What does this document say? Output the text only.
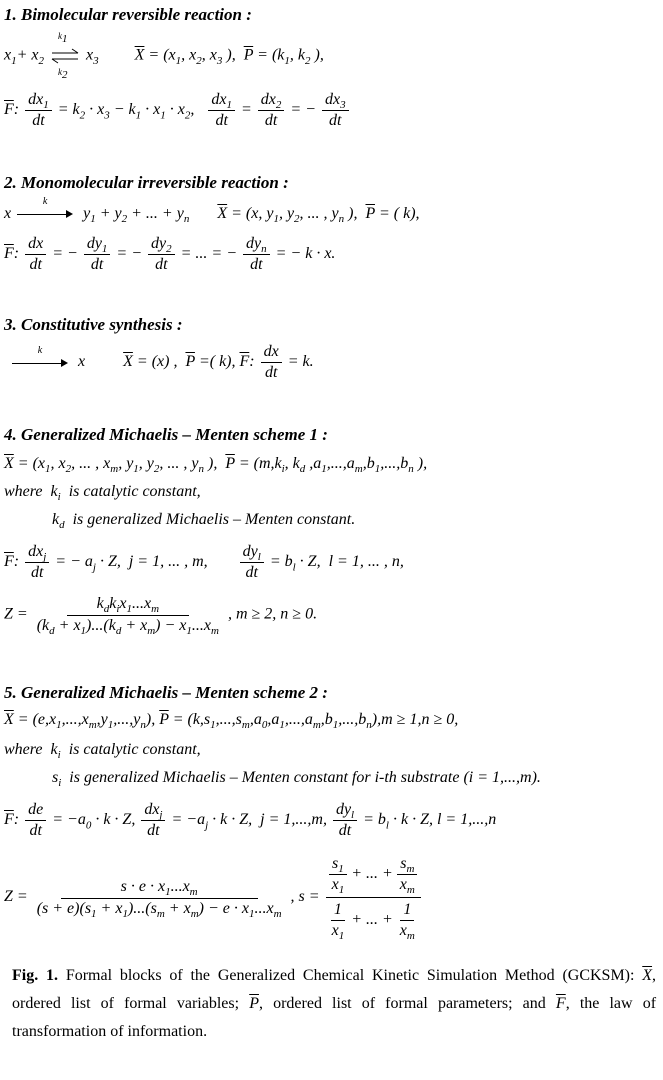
1. Bimolecular reversible reaction :
$x_1+ x_2$
$k_1$
$k_2$
$x_3$ $\overline{X} = (x_1$, $x_2$, $x_3$ ),  $\overline{P} = (k_1$, $k_2$ ),
$\overline{F}$: $\frac{dx_1}{dt} = k_2 \cdot x_3 - k_1 \cdot x_1 \cdot x_2$, $\frac{dx_1}{dt} = \frac{dx_2}{dt}$ = − $\frac{dx_3}{dt}$
2. Monomolecular irreversible reaction :
x
k
$y_1 + y_2$ + ... + $y_n$ $\overline{X} = (x$, $y_1$, $y_2$, ... , $y_n$ ),  $\overline{P}$ = ( k),
$\overline{F}$: $\frac{dx}{dt}$ = − $\frac{dy_1}{dt}$ = − $\frac{dy_2}{dt}$ = ... = − $\frac{dy_n}{dt}$ = − k · x.
3. Constitutive synthesis :
k
x  $\overline{X} = (x)$ ,  $\overline{P}$ =( k), $\overline{F}$: $\frac{dx}{dt} = k$.
4. Generalized Michaelis – Menten scheme 1 :
$\overline{X} = (x_1$, $x_2$, ... , $x_m$, $y_1$, $y_2$, ... , $y_n$ ),  $\overline{P} = (m,k_i$, $k_d$ $,a_1,...,a_m,b_1,...,b_n$ ),
where  $k_i$ is catalytic constant,
$k_d$ is generalized Michaelis – Menten constant.
$\overline{F}$: $\frac{dx_j}{dt}$ = − $a_j \cdot Z$,  j = 1, ... , m, $\frac{dy_l}{dt} = b_l \cdot Z$,  l = 1, ... , n,
$Z = \frac{k_dk_ix_1...x_m}{(k_d + x_1)...(k_d + x_m) - x_1...x_m}$ , m ≥ 2, n ≥ 0.
5. Generalized Michaelis – Menten scheme 2 :
$\overline{X} = (e,x_1,...,x_m,y_1,...,y_n)$, $\overline{P} = (k,s_1,...,s_m,a_0,a_1,...,a_m,b_1,...,b_n),m \ge 1,n \ge 0$,
where  $k_i$ is catalytic constant,
$s_i$ is generalized Michaelis – Menten constant for i-th substrate (i = 1,...,m).
$\overline{F}$: $\frac{de}{dt} = -a_0 \cdot k \cdot Z$, $\frac{dx_j}{dt} = -a_j \cdot k \cdot Z$,  j = 1,...,m, $\frac{dy_l}{dt} = b_l \cdot k \cdot Z$, l = 1,...,n
$Z = \frac{s \cdot e \cdot x_1...x_m}{(s + e)(s_1 + x_1)...(s_m + x_m) - e \cdot x_1...x_m}$ , $s = \frac{\frac{s_1}{x_1} + ... + \frac{s_m}{x_m}}{\frac{1}{x_1} + ... + \frac{1}{x_m}}$
Fig. 1. Formal blocks of the Generalized Chemical Kinetic Simulation Method (GCKSM): $\overline{X}$, ordered list of formal variables; $\overline{P}$, ordered list of formal parameters; and $\overline{F}$, the law of transformation of information.
